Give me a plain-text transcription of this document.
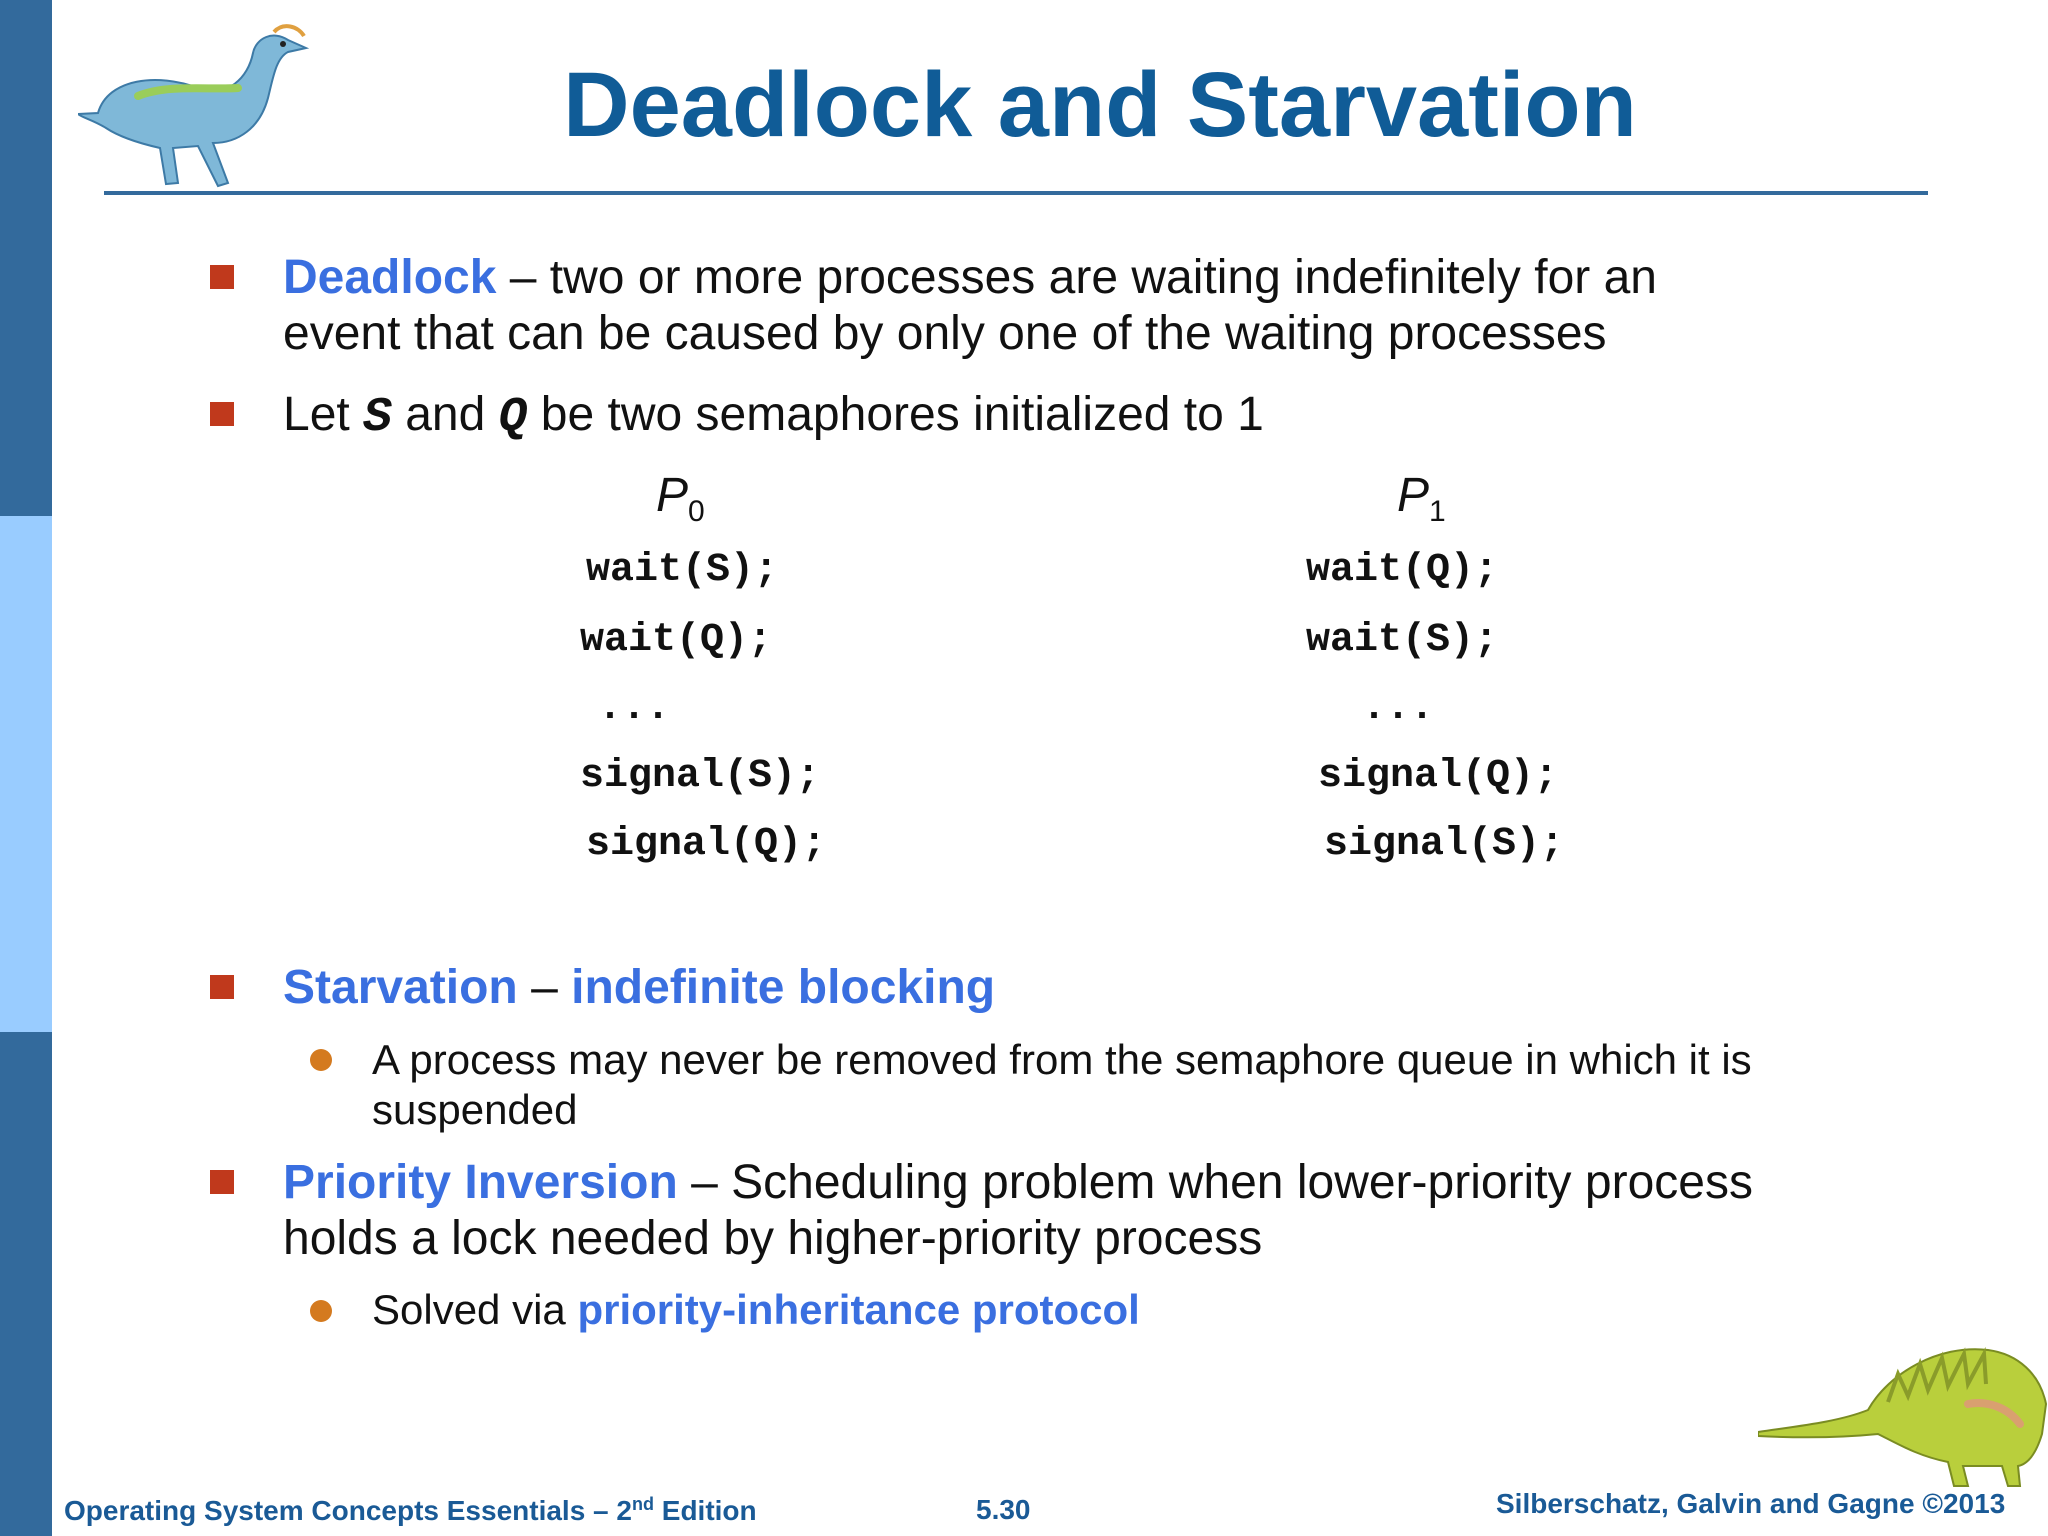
Deadlock and Starvation
Deadlock – two or more processes are waiting indefinitely for an
event that can be caused by only one of the waiting processes
Let S and Q be two semaphores initialized to 1
$P_0$
wait(S);
wait(Q);
...
signal(S);
signal(Q);
$P_1$
wait(Q);
wait(S);
...
signal(Q);
signal(S);
Starvation – indefinite blocking
A process may never be removed from the semaphore queue in which it is
suspended
Priority Inversion – Scheduling problem when lower-priority process
holds a lock needed by higher-priority process
Solved via priority-inheritance protocol
Operating System Concepts Essentials – 2nd Edition	5.30	Silberschatz, Galvin and Gagne ©2013
